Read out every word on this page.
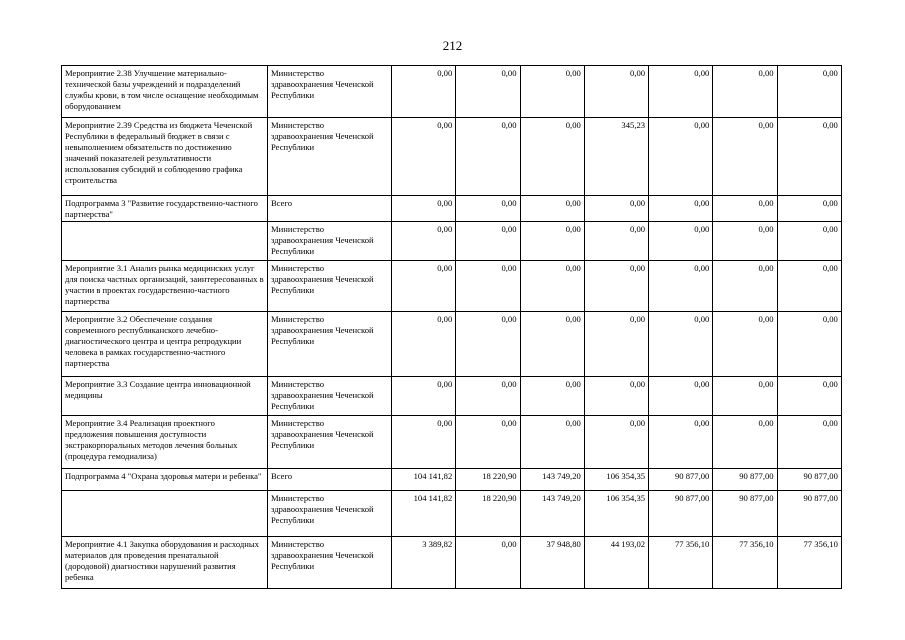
212
Мероприятие 2.38 Улучшение материально-технической базы учреждений и подразделений службы крови, в том числе оснащение необходимым оборудованием	Министерство здравоохранения Чеченской Республики	0,00	0,00	0,00	0,00	0,00	0,00	0,00
Мероприятие 2.39 Средства из бюджета Чеченской Республики в федеральный бюджет в связи с невыполнением обязательств по достижению значений показателей результативности использования субсидий и соблюдению графика строительства	Министерство здравоохранения Чеченской Республики	0,00	0,00	0,00	345,23	0,00	0,00	0,00
Подпрограмма 3 "Развитие государственно-частного партнерства"	Всего	0,00	0,00	0,00	0,00	0,00	0,00	0,00
	Министерство здравоохранения Чеченской Республики	0,00	0,00	0,00	0,00	0,00	0,00	0,00
Мероприятие 3.1 Анализ рынка медицинских услуг для поиска частных организаций, заинтересованных в участии в проектах государственно-частного партнерства	Министерство здравоохранения Чеченской Республики	0,00	0,00	0,00	0,00	0,00	0,00	0,00
Мероприятие 3.2 Обеспечение создания современного республиканского лечебно-диагностического центра и центра репродукции человека в рамках государственно-частного партнерства	Министерство здравоохранения Чеченской Республики	0,00	0,00	0,00	0,00	0,00	0,00	0,00
Мероприятие 3.3 Создание центра инновационной медицины	Министерство здравоохранения Чеченской Республики	0,00	0,00	0,00	0,00	0,00	0,00	0,00
Мероприятие 3.4 Реализация проектного предложения повышения доступности экстракорпоральных методов лечения больных (процедура гемодиализа)	Министерство здравоохранения Чеченской Республики	0,00	0,00	0,00	0,00	0,00	0,00	0,00
Подпрограмма 4 "Охрана здоровья матери и ребенка"	Всего	104 141,82	18 220,90	143 749,20	106 354,35	90 877,00	90 877,00	90 877,00
	Министерство здравоохранения Чеченской Республики	104 141,82	18 220,90	143 749,20	106 354,35	90 877,00	90 877,00	90 877,00
Мероприятие 4.1 Закупка оборудования и расходных материалов для проведения пренатальной (дородовой) диагностики нарушений развития ребенка	Министерство здравоохранения Чеченской Республики	3 389,82	0,00	37 948,80	44 193,02	77 356,10	77 356,10	77 356,10
